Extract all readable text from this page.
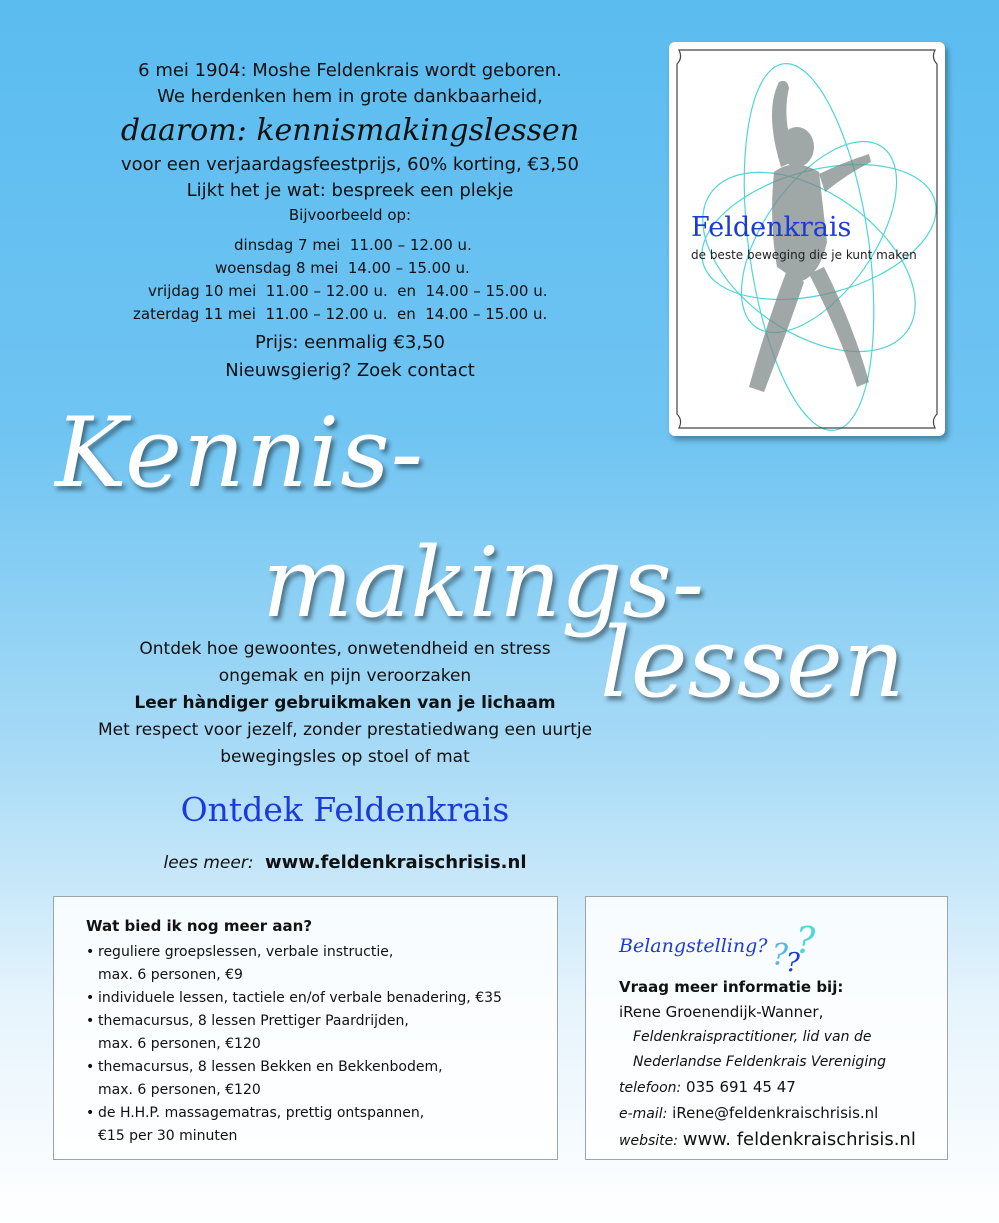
6 mei 1904: Moshe Feldenkrais wordt geboren.
We herdenken hem in grote dankbaarheid,
daarom: kennismakingslessen
voor een verjaardagsfeestprijs, 60% korting, €3,50
Lijkt het je wat: bespreek een plekje
Bijvoorbeeld op:
dinsdag 7 mei  11.00 – 12.00 u.
woensdag 8 mei  14.00 – 15.00 u.
vrijdag 10 mei  11.00 – 12.00 u.  en  14.00 – 15.00 u.
zaterdag 11 mei  11.00 – 12.00 u.  en  14.00 – 15.00 u.
Prijs: eenmalig €3,50
Nieuwsgierig? Zoek contact
Feldenkrais
de beste beweging die je kunt maken
Kennis-
makings-
lessen
Ontdek hoe gewoontes, onwetendheid en stress
ongemak en pijn veroorzaken
Leer hàndiger gebruikmaken van je lichaam
Met respect voor jezelf, zonder prestatiedwang een uurtje
bewegingsles op stoel of mat
Ontdek Feldenkrais
lees meer: www.feldenkraischrisis.nl
Wat bied ik nog meer aan?
• reguliere groepslessen, verbale instructie,
max. 6 personen, €9
• individuele lessen, tactiele en/of verbale benadering, €35
• themacursus, 8 lessen Prettiger Paardrijden,
max. 6 personen, €120
• themacursus, 8 lessen Bekken en Bekkenbodem,
max. 6 personen, €120
• de H.H.P. massagematras, prettig ontspannen,
€15 per 30 minuten
Belangstelling? ?
?
?
Vraag meer informatie bij:
iRene Groenendijk-Wanner,
Feldenkraispractitioner, lid van de
Nederlandse Feldenkrais Vereniging
telefoon: 035 691 45 47
e-mail: iRene@feldenkraischrisis.nl
website: www. feldenkraischrisis.nl
